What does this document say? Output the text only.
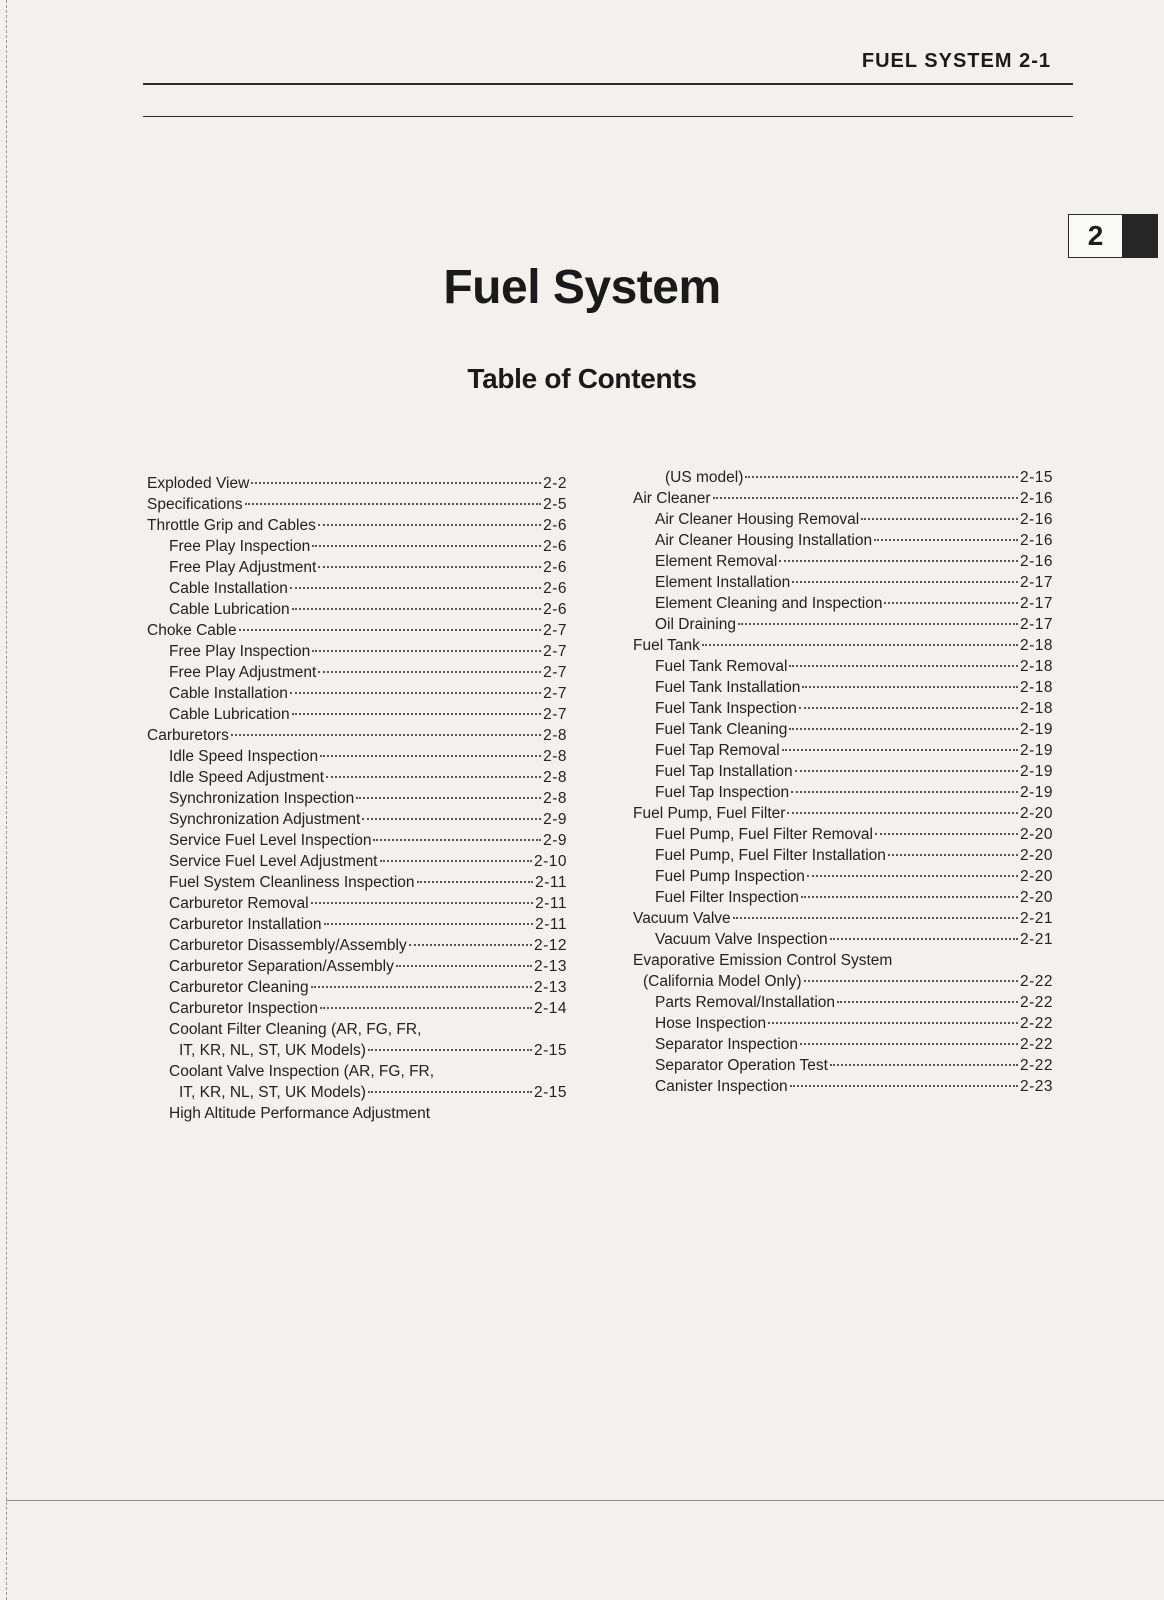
FUEL SYSTEM 2-1
2
Fuel System
Table of Contents
Exploded View	2-2
Specifications	2-5
Throttle Grip and Cables	2-6
Free Play Inspection	2-6
Free Play Adjustment	2-6
Cable Installation	2-6
Cable Lubrication	2-6
Choke Cable	2-7
Free Play Inspection	2-7
Free Play Adjustment	2-7
Cable Installation	2-7
Cable Lubrication	2-7
Carburetors	2-8
Idle Speed Inspection	2-8
Idle Speed Adjustment	2-8
Synchronization Inspection	2-8
Synchronization Adjustment	2-9
Service Fuel Level Inspection	2-9
Service Fuel Level Adjustment	2-10
Fuel System Cleanliness Inspection	2-11
Carburetor Removal	2-11
Carburetor Installation	2-11
Carburetor Disassembly/Assembly	2-12
Carburetor Separation/Assembly	2-13
Carburetor Cleaning	2-13
Carburetor Inspection	2-14
Coolant Filter Cleaning (AR, FG, FR,
IT, KR, NL, ST, UK Models)	2-15
Coolant Valve Inspection (AR, FG, FR,
IT, KR, NL, ST, UK Models)	2-15
High Altitude Performance Adjustment
(US model)	2-15
Air Cleaner	2-16
Air Cleaner Housing Removal	2-16
Air Cleaner Housing Installation	2-16
Element Removal	2-16
Element Installation	2-17
Element Cleaning and Inspection	2-17
Oil Draining	2-17
Fuel Tank	2-18
Fuel Tank Removal	2-18
Fuel Tank Installation	2-18
Fuel Tank Inspection	2-18
Fuel Tank Cleaning	2-19
Fuel Tap Removal	2-19
Fuel Tap Installation	2-19
Fuel Tap Inspection	2-19
Fuel Pump, Fuel Filter	2-20
Fuel Pump, Fuel Filter Removal	2-20
Fuel Pump, Fuel Filter Installation	2-20
Fuel Pump Inspection	2-20
Fuel Filter Inspection	2-20
Vacuum Valve	2-21
Vacuum Valve Inspection	2-21
Evaporative Emission Control System
(California Model Only)	2-22
Parts Removal/Installation	2-22
Hose Inspection	2-22
Separator Inspection	2-22
Separator Operation Test	2-22
Canister Inspection	2-23
